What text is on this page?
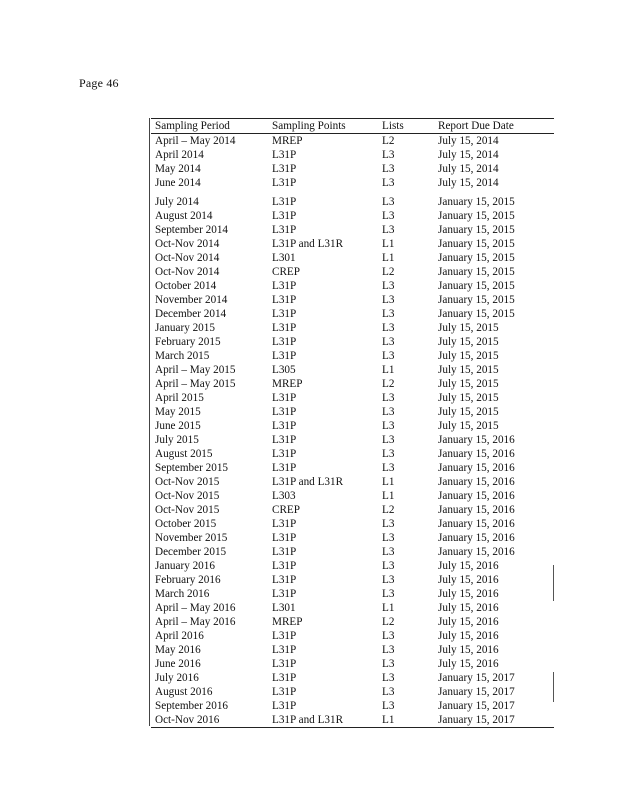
Page 46
Sampling Period	Sampling Points	Lists	Report Due Date
April – May 2014	MREP	L2	July 15, 2014
April 2014	L31P	L3	July 15, 2014
May 2014	L31P	L3	July 15, 2014
June 2014	L31P	L3	July 15, 2014
July 2014	L31P	L3	January 15, 2015
August 2014	L31P	L3	January 15, 2015
September 2014	L31P	L3	January 15, 2015
Oct-Nov 2014	L31P and L31R	L1	January 15, 2015
Oct-Nov 2014	L301	L1	January 15, 2015
Oct-Nov 2014	CREP	L2	January 15, 2015
October 2014	L31P	L3	January 15, 2015
November 2014	L31P	L3	January 15, 2015
December 2014	L31P	L3	January 15, 2015
January 2015	L31P	L3	July 15, 2015
February 2015	L31P	L3	July 15, 2015
March 2015	L31P	L3	July 15, 2015
April – May 2015	L305	L1	July 15, 2015
April – May 2015	MREP	L2	July 15, 2015
April 2015	L31P	L3	July 15, 2015
May 2015	L31P	L3	July 15, 2015
June 2015	L31P	L3	July 15, 2015
July 2015	L31P	L3	January 15, 2016
August 2015	L31P	L3	January 15, 2016
September 2015	L31P	L3	January 15, 2016
Oct-Nov 2015	L31P and L31R	L1	January 15, 2016
Oct-Nov 2015	L303	L1	January 15, 2016
Oct-Nov 2015	CREP	L2	January 15, 2016
October 2015	L31P	L3	January 15, 2016
November 2015	L31P	L3	January 15, 2016
December 2015	L31P	L3	January 15, 2016
January 2016	L31P	L3	July 15, 2016
February 2016	L31P	L3	July 15, 2016
March 2016	L31P	L3	July 15, 2016
April – May 2016	L301	L1	July 15, 2016
April – May 2016	MREP	L2	July 15, 2016
April 2016	L31P	L3	July 15, 2016
May 2016	L31P	L3	July 15, 2016
June 2016	L31P	L3	July 15, 2016
July 2016	L31P	L3	January 15, 2017
August 2016	L31P	L3	January 15, 2017
September 2016	L31P	L3	January 15, 2017
Oct-Nov 2016	L31P and L31R	L1	January 15, 2017
